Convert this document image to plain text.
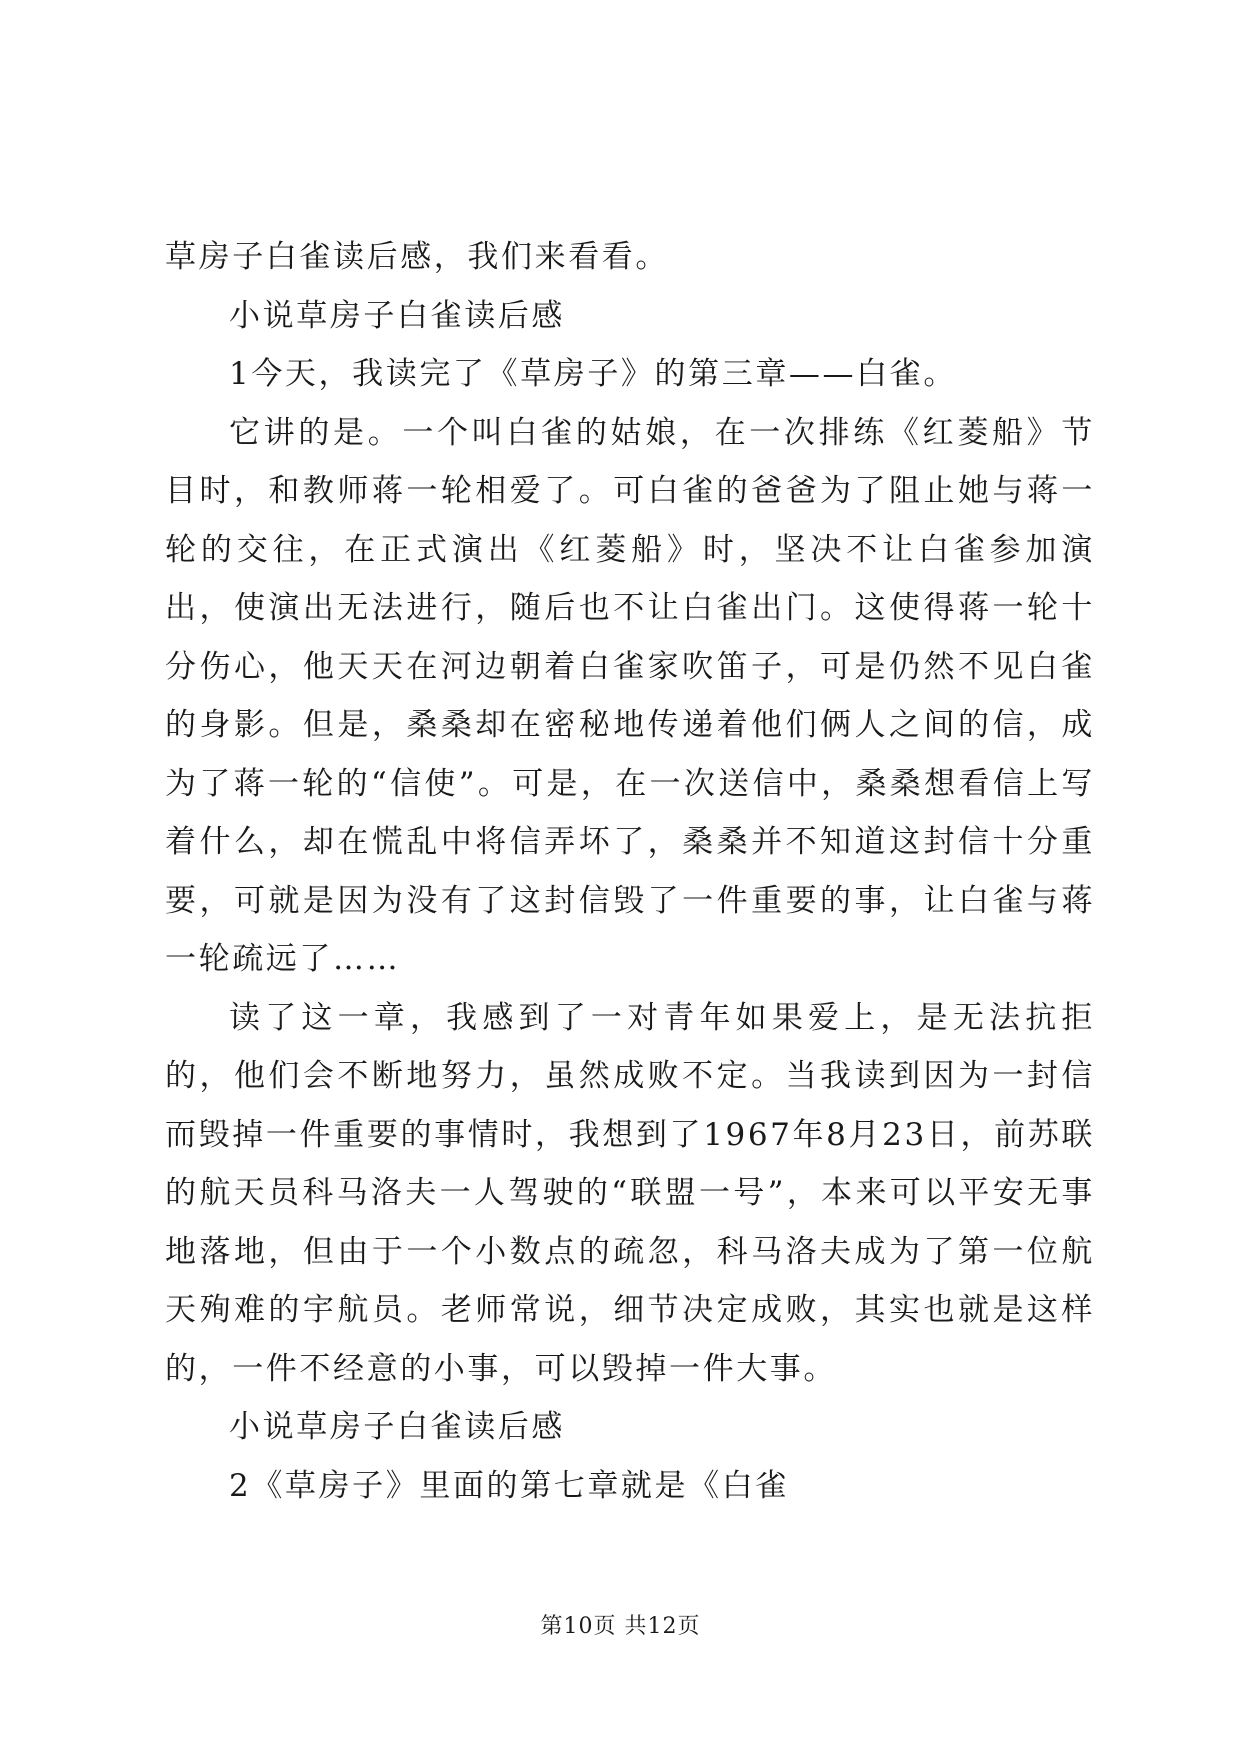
草房子白雀读后感，我们来看看。

小说草房子白雀读后感

1今天，我读完了《草房子》的第三章——白雀。

它讲的是。一个叫白雀的姑娘，在一次排练《红菱船》节目时，和教师蒋一轮相爱了。可白雀的爸爸为了阻止她与蒋一轮的交往，在正式演出《红菱船》时，坚决不让白雀参加演出，使演出无法进行，随后也不让白雀出门。这使得蒋一轮十分伤心，他天天在河边朝着白雀家吹笛子，可是仍然不见白雀的身影。但是，桑桑却在密秘地传递着他们俩人之间的信，成为了蒋一轮的“信使”。可是，在一次送信中，桑桑想看信上写着什么，却在慌乱中将信弄坏了，桑桑并不知道这封信十分重要，可就是因为没有了这封信毁了一件重要的事，让白雀与蒋一轮疏远了……

读了这一章，我感到了一对青年如果爱上，是无法抗拒的，他们会不断地努力，虽然成败不定。当我读到因为一封信而毁掉一件重要的事情时，我想到了1967年8月23日，前苏联的航天员科马洛夫一人驾驶的“联盟一号”，本来可以平安无事地落地，但由于一个小数点的疏忽，科马洛夫成为了第一位航天殉难的宇航员。老师常说，细节决定成败，其实也就是这样的，一件不经意的小事，可以毁掉一件大事。

小说草房子白雀读后感

2《草房子》里面的第七章就是《白雀

第10页 共12页
